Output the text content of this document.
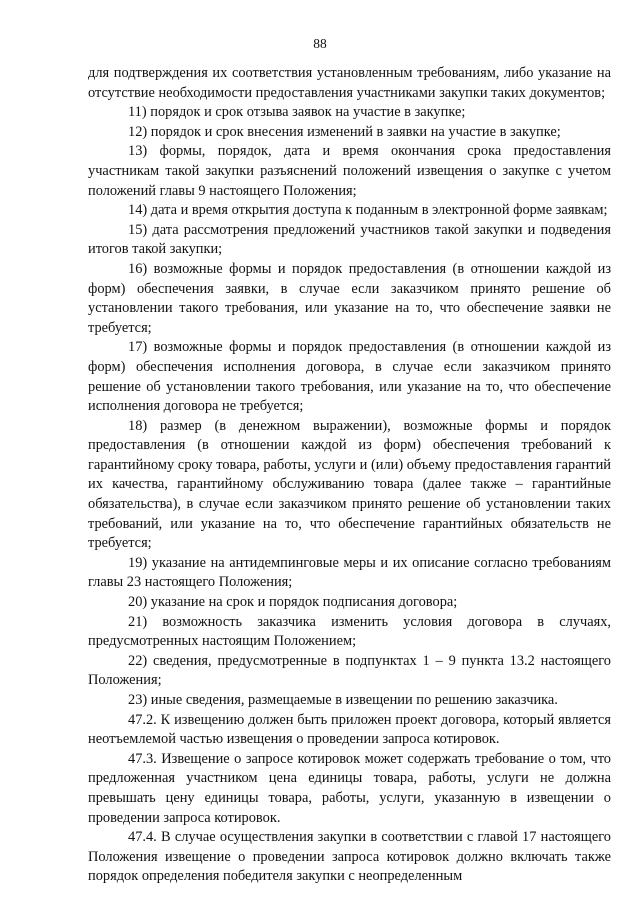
88

для подтверждения их соответствия установленным требованиям, либо указание на отсутствие необходимости предоставления участниками закупки таких документов;

11) порядок и срок отзыва заявок на участие в закупке;

12) порядок и срок внесения изменений в заявки на участие в закупке;

13) формы, порядок, дата и время окончания срока предоставления участникам такой закупки разъяснений положений извещения о закупке с учетом положений главы 9 настоящего Положения;

14) дата и время открытия доступа к поданным в электронной форме заявкам;

15) дата рассмотрения предложений участников такой закупки и подведения итогов такой закупки;

16) возможные формы и порядок предоставления (в отношении каждой из форм) обеспечения заявки, в случае если заказчиком принято решение об установлении такого требования, или указание на то, что обеспечение заявки не требуется;

17) возможные формы и порядок предоставления (в отношении каждой из форм) обеспечения исполнения договора, в случае если заказчиком принято решение об установлении такого требования, или указание на то, что обеспечение исполнения договора не требуется;

18) размер (в денежном выражении), возможные формы и порядок предоставления (в отношении каждой из форм) обеспечения требований к гарантийному сроку товара, работы, услуги и (или) объему предоставления гарантий их качества, гарантийному обслуживанию товара (далее также – гарантийные обязательства), в случае если заказчиком принято решение об установлении таких требований, или указание на то, что обеспечение гарантийных обязательств не требуется;

19) указание на антидемпинговые меры и их описание согласно требованиям главы 23 настоящего Положения;

20) указание на срок и порядок подписания договора;

21) возможность заказчика изменить условия договора в случаях, предусмотренных настоящим Положением;

22) сведения, предусмотренные в подпунктах 1 – 9 пункта 13.2 настоящего Положения;

23) иные сведения, размещаемые в извещении по решению заказчика.

47.2. К извещению должен быть приложен проект договора, который является неотъемлемой частью извещения о проведении запроса котировок.

47.3. Извещение о запросе котировок может содержать требование о том, что предложенная участником цена единицы товара, работы, услуги не должна превышать цену единицы товара, работы, услуги, указанную в извещении о проведении запроса котировок.

47.4. В случае осуществления закупки в соответствии с главой 17 настоящего Положения извещение о проведении запроса котировок должно включать также порядок определения победителя закупки с неопределенным
